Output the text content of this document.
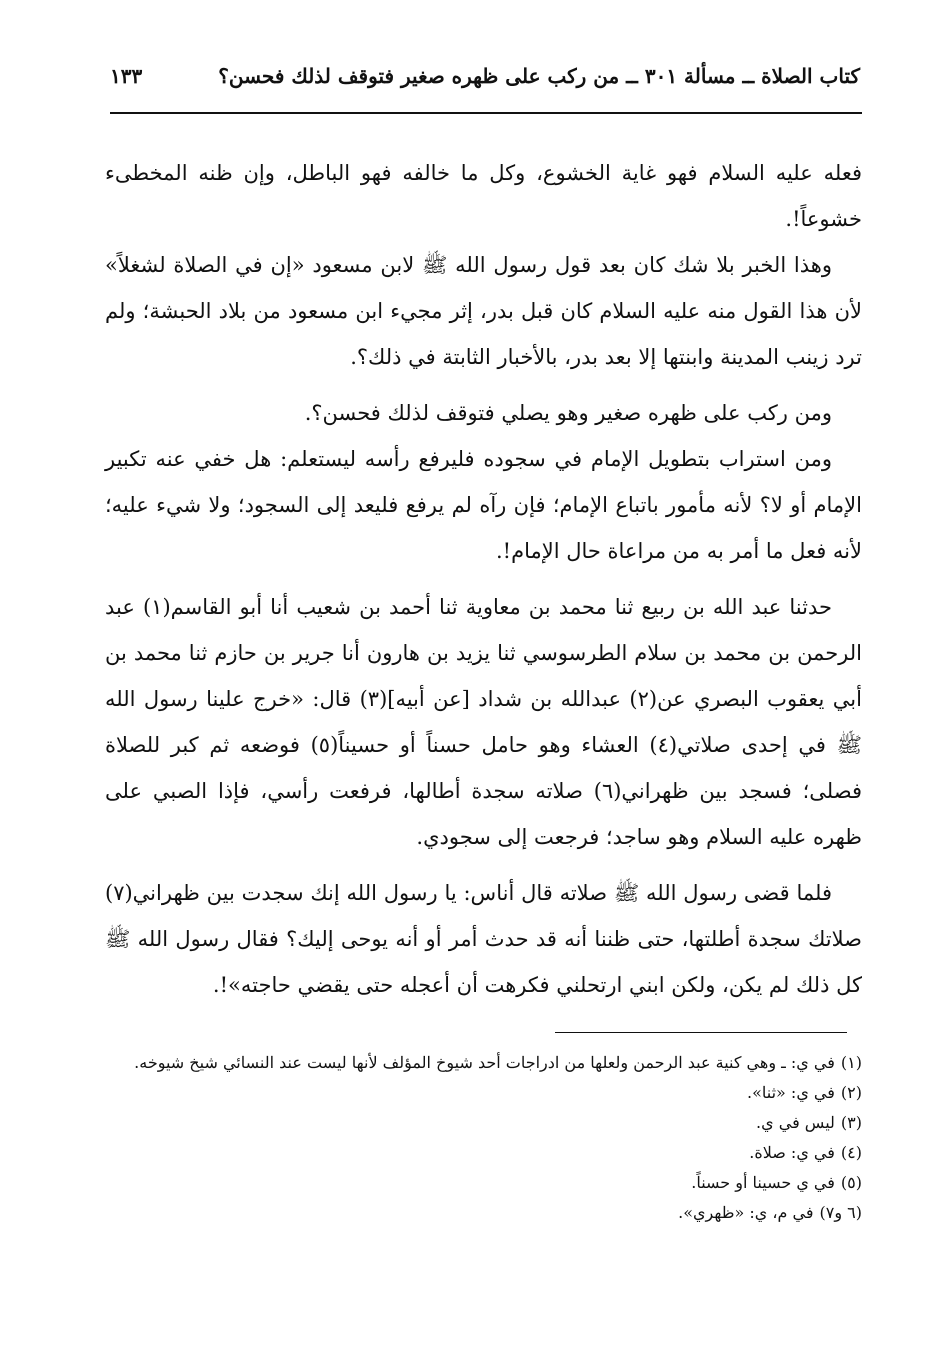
كتاب الصلاة ــ مسألة ٣٠١ ــ من ركب على ظهره صغير فتوقف لذلك فحسن؟
١٣٣

فعله عليه السلام فهو غاية الخشوع، وكل ما خالفه فهو الباطل، وإن ظنه المخطىء خشوعاً!.

وهذا الخبر بلا شك كان بعد قول رسول الله ﷺ لابن مسعود «إن في الصلاة لشغلاً» لأن هذا القول منه عليه السلام كان قبل بدر، إثر مجيء ابن مسعود من بلاد الحبشة؛ ولم ترد زينب المدينة وابنتها إلا بعد بدر، بالأخبار الثابتة في ذلك؟.

ومن ركب على ظهره صغير وهو يصلي فتوقف لذلك فحسن؟.

ومن استراب بتطويل الإمام في سجوده فليرفع رأسه ليستعلم: هل خفي عنه تكبير الإمام أو لا؟ لأنه مأمور باتباع الإمام؛ فإن رآه لم يرفع فليعد إلى السجود؛ ولا شيء عليه؛ لأنه فعل ما أمر به من مراعاة حال الإمام!.

حدثنا عبد الله بن ربيع ثنا محمد بن معاوية ثنا أحمد بن شعيب أنا أبو القاسم(١) عبد الرحمن بن محمد بن سلام الطرسوسي ثنا يزيد بن هارون أنا جرير بن حازم ثنا محمد بن أبي يعقوب البصري عن(٢) عبدالله بن شداد [عن أبيه](٣) قال: «خرج علينا رسول الله ﷺ في إحدى صلاتي(٤) العشاء وهو حامل حسناً أو حسيناً(٥) فوضعه ثم كبر للصلاة فصلى؛ فسجد بين ظهراني(٦) صلاته سجدة أطالها، فرفعت رأسي، فإذا الصبي على ظهره عليه السلام وهو ساجد؛ فرجعت إلى سجودي.

فلما قضى رسول الله ﷺ صلاته قال أناس: يا رسول الله إنك سجدت بين ظهراني(٧) صلاتك سجدة أطلتها، حتى ظننا أنه قد حدث أمر أو أنه يوحى إليك؟ فقال رسول الله ﷺ كل ذلك لم يكن، ولكن ابني ارتحلني فكرهت أن أعجله حتى يقضي حاجته»!.

(١)في ي: ـ وهي كنية عبد الرحمن ولعلها من ادراجات أحد شيوخ المؤلف لأنها ليست عند النسائي شيخ شيوخه.

(٢)في ي: «ثنا».

(٣)ليس في ي.

(٤)في ي: صلاة.

(٥)في ي حسينا أو حسناً.

(٦ و٧)في م، ي: «ظهري».
